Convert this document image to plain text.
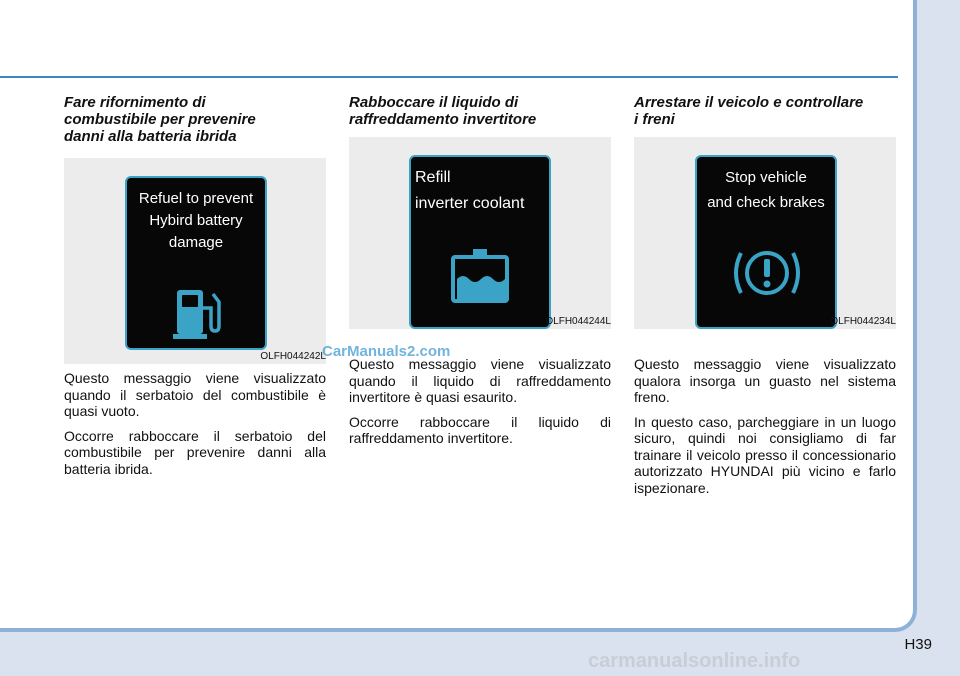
Fare rifornimento di
combustibile per prevenire
danni alla batteria ibrida
Refuel to prevent
Hybird battery
damage
OLFH044242L

Questo messaggio viene visualizzato quando il serbatoio del combustibile è quasi vuoto.

Occorre rabboccare il serbatoio del combustibile per prevenire danni alla batteria ibrida.

Rabboccare il liquido di
raffreddamento invertitore
Refill
inverter coolant
OLFH044244L

Questo messaggio viene visualizzato quando il liquido di raffreddamento invertitore è quasi esaurito.

Occorre rabboccare il liquido di raffreddamento invertitore.

Arrestare il veicolo e controllare
i freni
Stop vehicle
and check brakes
OLFH044234L

Questo messaggio viene visualizzato qualora insorga un guasto nel sistema freno.

In questo caso, parcheggiare in un luogo sicuro, quindi noi consigliamo di far trainare il veicolo presso il concessionario autorizzato HYUNDAI più vicino e farlo ispezionare.

CarManuals2.com
H39
carmanualsonline.info
